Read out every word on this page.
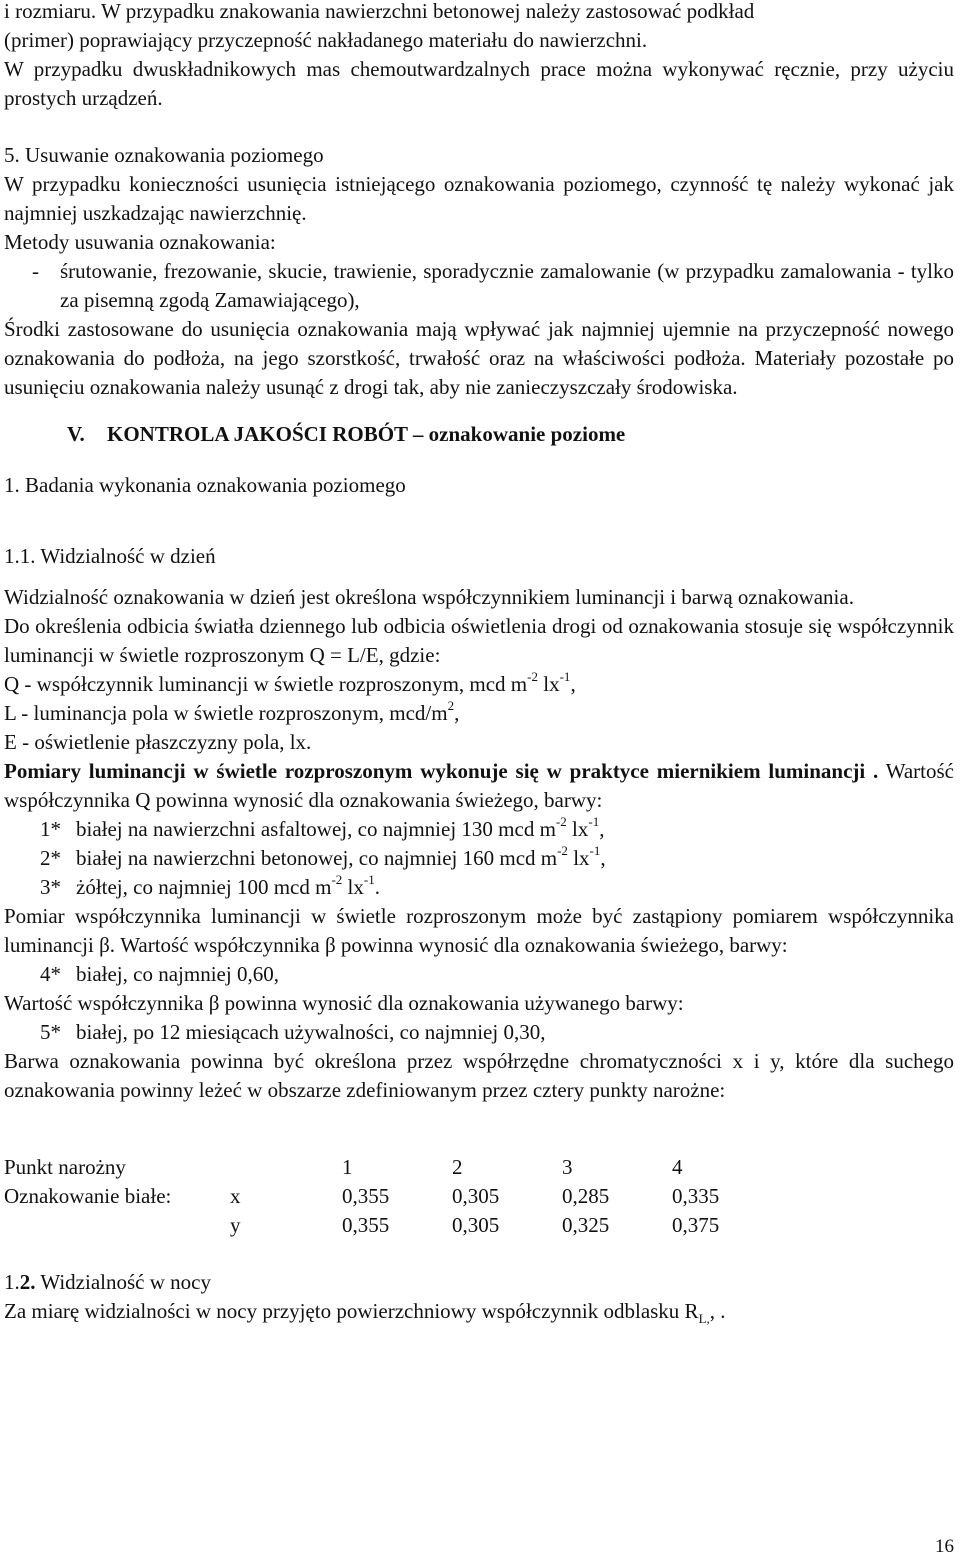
i rozmiaru. W przypadku znakowania nawierzchni betonowej należy zastosować podkład

(primer) poprawiający przyczepność nakładanego materiału do nawierzchni.

W przypadku dwuskładnikowych mas chemoutwardzalnych prace można wykonywać ręcznie, przy użyciu prostych urządzeń.

5. Usuwanie oznakowania poziomego

W przypadku konieczności usunięcia istniejącego oznakowania poziomego, czynność tę należy wykonać jak najmniej uszkadzając nawierzchnię.

Metody usuwania oznakowania:

-	śrutowanie, frezowanie, skucie, trawienie, sporadycznie zamalowanie (w przypadku zamalowania - tylko za pisemną zgodą Zamawiającego),

Środki zastosowane do usunięcia oznakowania mają wpływać jak najmniej ujemnie na przyczepność nowego oznakowania do podłoża, na jego szorstkość, trwałość oraz na właściwości podłoża. Materiały pozostałe po usunięciu oznakowania należy usunąć z drogi tak, aby nie zanieczyszczały środowiska.

V. KONTROLA JAKOŚCI ROBÓT – oznakowanie poziome

1. Badania wykonania oznakowania poziomego

1.1. Widzialność w dzień

Widzialność oznakowania w dzień jest określona współczynnikiem luminancji i barwą oznakowania.

Do określenia odbicia światła dziennego lub odbicia oświetlenia drogi od oznakowania stosuje się współczynnik luminancji w świetle rozproszonym Q = L/E, gdzie:

Q - współczynnik luminancji w świetle rozproszonym, mcd $m^{-2}$ $lx^{-1}$,

L - luminancja pola w świetle rozproszonym, mcd/$m^2$,

E - oświetlenie płaszczyzny pola, lx.

Pomiary luminancji w świetle rozproszonym wykonuje się w praktyce miernikiem luminancji . Wartość współczynnika Q powinna wynosić dla oznakowania świeżego, barwy:

1* białej na nawierzchni asfaltowej, co najmniej 130 mcd $m^{-2}$ $lx^{-1}$,
2* białej na nawierzchni betonowej, co najmniej 160 mcd $m^{-2}$ $lx^{-1}$,
3* żółtej, co najmniej 100 mcd $m^{-2}$ $lx^{-1}$.

Pomiar współczynnika luminancji w świetle rozproszonym może być zastąpiony pomiarem współczynnika luminancji β. Wartość współczynnika β powinna wynosić dla oznakowania świeżego, barwy:

4* białej, co najmniej 0,60,

Wartość współczynnika β powinna wynosić dla oznakowania używanego barwy:

5* białej, po 12 miesiącach używalności, co najmniej 0,30,

Barwa oznakowania powinna być określona przez współrzędne chromatyczności x i y, które dla suchego oznakowania powinny leżeć w obszarze zdefiniowanym przez cztery punkty narożne:

Punkt narożny		1	2	3	4
Oznakowanie białe:	x	0,355	0,305	0,285	0,335
	y	0,355	0,305	0,325	0,375

1.2. Widzialność w nocy

Za miarę widzialności w nocy przyjęto powierzchniowy współczynnik odblasku $R_{L,}$, .

16
